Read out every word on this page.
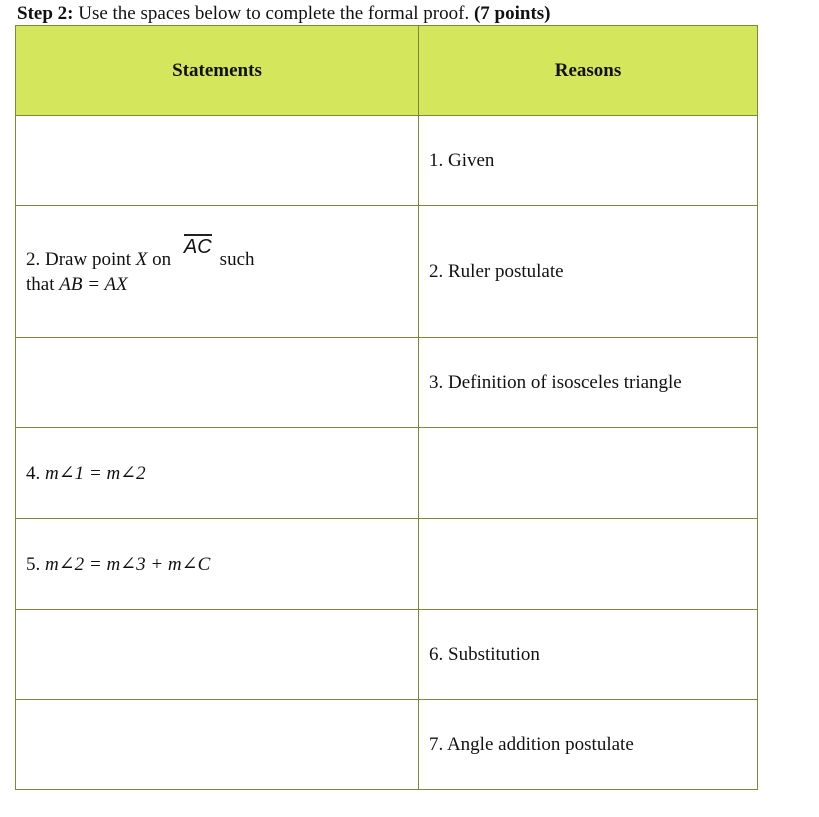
Step 2: Use the spaces below to complete the formal proof. (7 points)
Statements	Reasons
	1. Given

2. Draw point X on ACsuch
that AB = AX	2. Ruler postulate
	3. Definition of isosceles triangle
4. m∠1 = m∠2	
5. m∠2 = m∠3 + m∠C	
	6. Substitution
	7. Angle addition postulate
